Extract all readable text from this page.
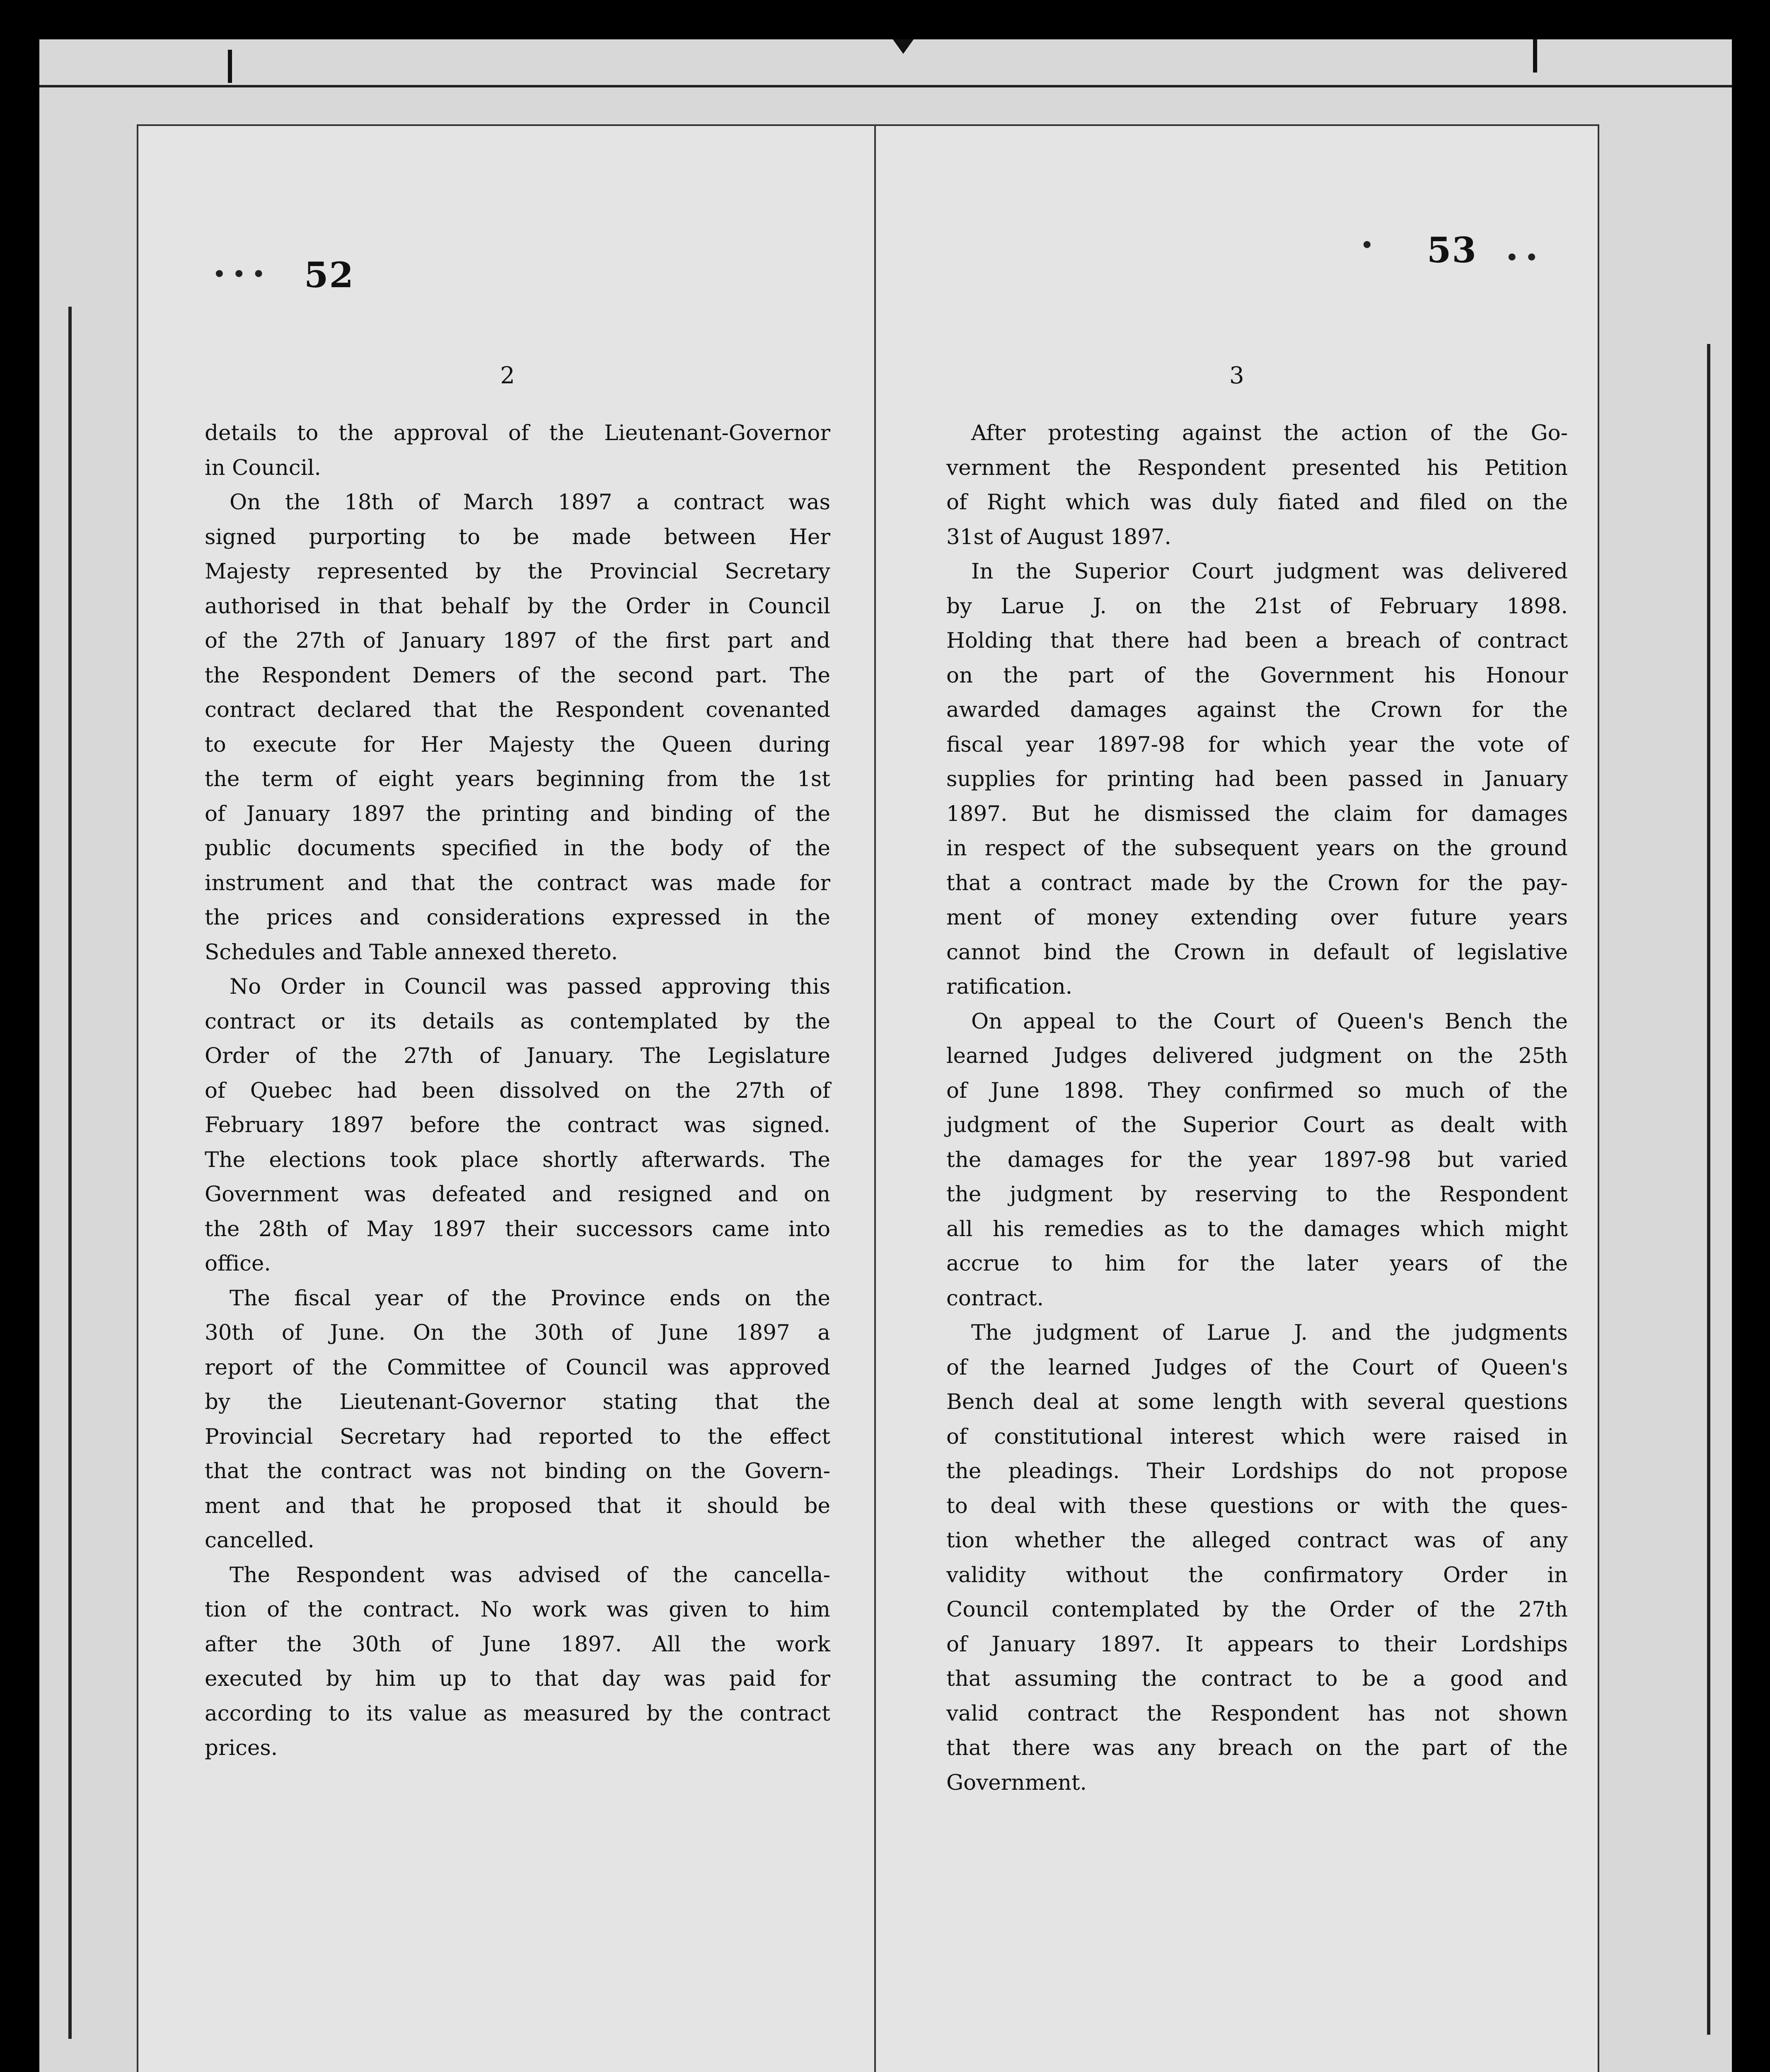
• • • 52
2
details to the approval of the Lieutenant-Governor
in Council.
On the 18th of March 1897 a contract was
signed purporting to be made between Her
Majesty represented by the Provincial Secretary
authorised in that behalf by the Order in Council
of the 27th of January 1897 of the first part and
the Respondent Demers of the second part. The
contract declared that the Respondent covenanted
to execute for Her Majesty the Queen during
the term of eight years beginning from the 1st
of January 1897 the printing and binding of the
public documents specified in the body of the
instrument and that the contract was made for
the prices and considerations expressed in the
Schedules and Table annexed thereto.
No Order in Council was passed approving this
contract or its details as contemplated by the
Order of the 27th of January. The Legislature
of Quebec had been dissolved on the 27th of
February 1897 before the contract was signed.
The elections took place shortly afterwards. The
Government was defeated and resigned and on
the 28th of May 1897 their successors came into
office.
The fiscal year of the Province ends on the
30th of June. On the 30th of June 1897 a
report of the Committee of Council was approved
by the Lieutenant-Governor stating that the
Provincial Secretary had reported to the effect
that the contract was not binding on the Govern-
ment and that he proposed that it should be
cancelled.
The Respondent was advised of the cancella-
tion of the contract. No work was given to him
after the 30th of June 1897. All the work
executed by him up to that day was paid for
according to its value as measured by the contract
prices.
• 53 • •
3
After protesting against the action of the Go-
vernment the Respondent presented his Petition
of Right which was duly fiated and filed on the
31st of August 1897.
In the Superior Court judgment was delivered
by Larue J. on the 21st of February 1898.
Holding that there had been a breach of contract
on the part of the Government his Honour
awarded damages against the Crown for the
fiscal year 1897-98 for which year the vote of
supplies for printing had been passed in January
1897. But he dismissed the claim for damages
in respect of the subsequent years on the ground
that a contract made by the Crown for the pay-
ment of money extending over future years
cannot bind the Crown in default of legislative
ratification.
On appeal to the Court of Queen's Bench the
learned Judges delivered judgment on the 25th
of June 1898. They confirmed so much of the
judgment of the Superior Court as dealt with
the damages for the year 1897-98 but varied
the judgment by reserving to the Respondent
all his remedies as to the damages which might
accrue to him for the later years of the
contract.
The judgment of Larue J. and the judgments
of the learned Judges of the Court of Queen's
Bench deal at some length with several questions
of constitutional interest which were raised in
the pleadings. Their Lordships do not propose
to deal with these questions or with the ques-
tion whether the alleged contract was of any
validity without the confirmatory Order in
Council contemplated by the Order of the 27th
of January 1897. It appears to their Lordships
that assuming the contract to be a good and
valid contract the Respondent has not shown
that there was any breach on the part of the
Government.
